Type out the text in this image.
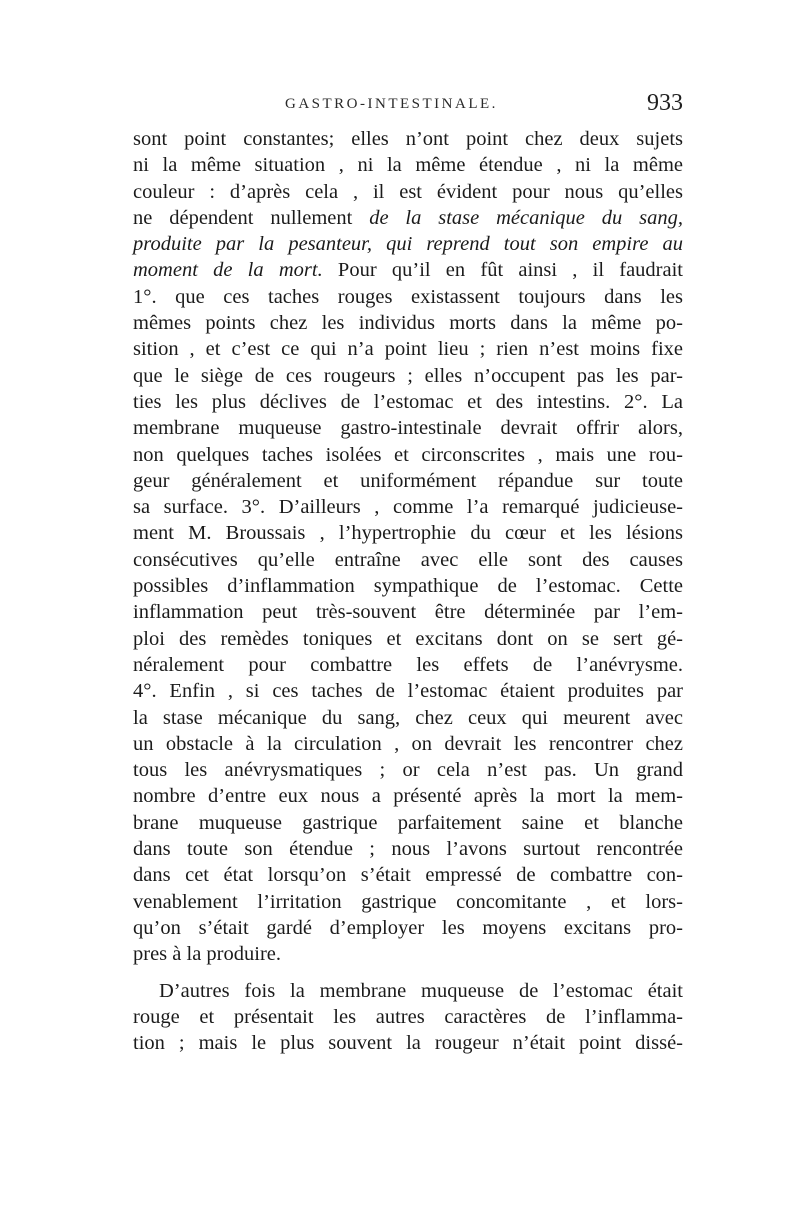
GASTRO-INTESTINALE.	933

sont point constantes; elles n’ont point chez deux sujets
ni la même situation , ni la même étendue , ni la même
couleur : d’après cela , il est évident pour nous qu’elles
ne dépendent nullement de la stase mécanique du sang,
produite par la pesanteur, qui reprend tout son empire au
moment de la mort. Pour qu’il en fût ainsi , il faudrait
1°. que ces taches rouges existassent toujours dans les
mêmes points chez les individus morts dans la même po-
sition , et c’est ce qui n’a point lieu ; rien n’est moins fixe
que le siège de ces rougeurs ; elles n’occupent pas les par-
ties les plus déclives de l’estomac et des intestins. 2°. La
membrane muqueuse gastro-intestinale devrait offrir alors,
non quelques taches isolées et circonscrites , mais une rou-
geur généralement et uniformément répandue sur toute
sa surface. 3°. D’ailleurs , comme l’a remarqué judicieuse-
ment M. Broussais , l’hypertrophie du cœur et les lésions
consécutives qu’elle entraîne avec elle sont des causes
possibles d’inflammation sympathique de l’estomac. Cette
inflammation peut très-souvent être déterminée par l’em-
ploi des remèdes toniques et excitans dont on se sert gé-
néralement pour combattre les effets de l’anévrysme.
4°. Enfin , si ces taches de l’estomac étaient produites par
la stase mécanique du sang, chez ceux qui meurent avec
un obstacle à la circulation , on devrait les rencontrer chez
tous les anévrysmatiques ; or cela n’est pas. Un grand
nombre d’entre eux nous a présenté après la mort la mem-
brane muqueuse gastrique parfaitement saine et blanche
dans toute son étendue ; nous l’avons surtout rencontrée
dans cet état lorsqu’on s’était empressé de combattre con-
venablement l’irritation gastrique concomitante , et lors-
qu’on s’était gardé d’employer les moyens excitans pro-
pres à la produire.

D’autres fois la membrane muqueuse de l’estomac était
rouge et présentait les autres caractères de l’inflamma-
tion ; mais le plus souvent la rougeur n’était point dissé-
